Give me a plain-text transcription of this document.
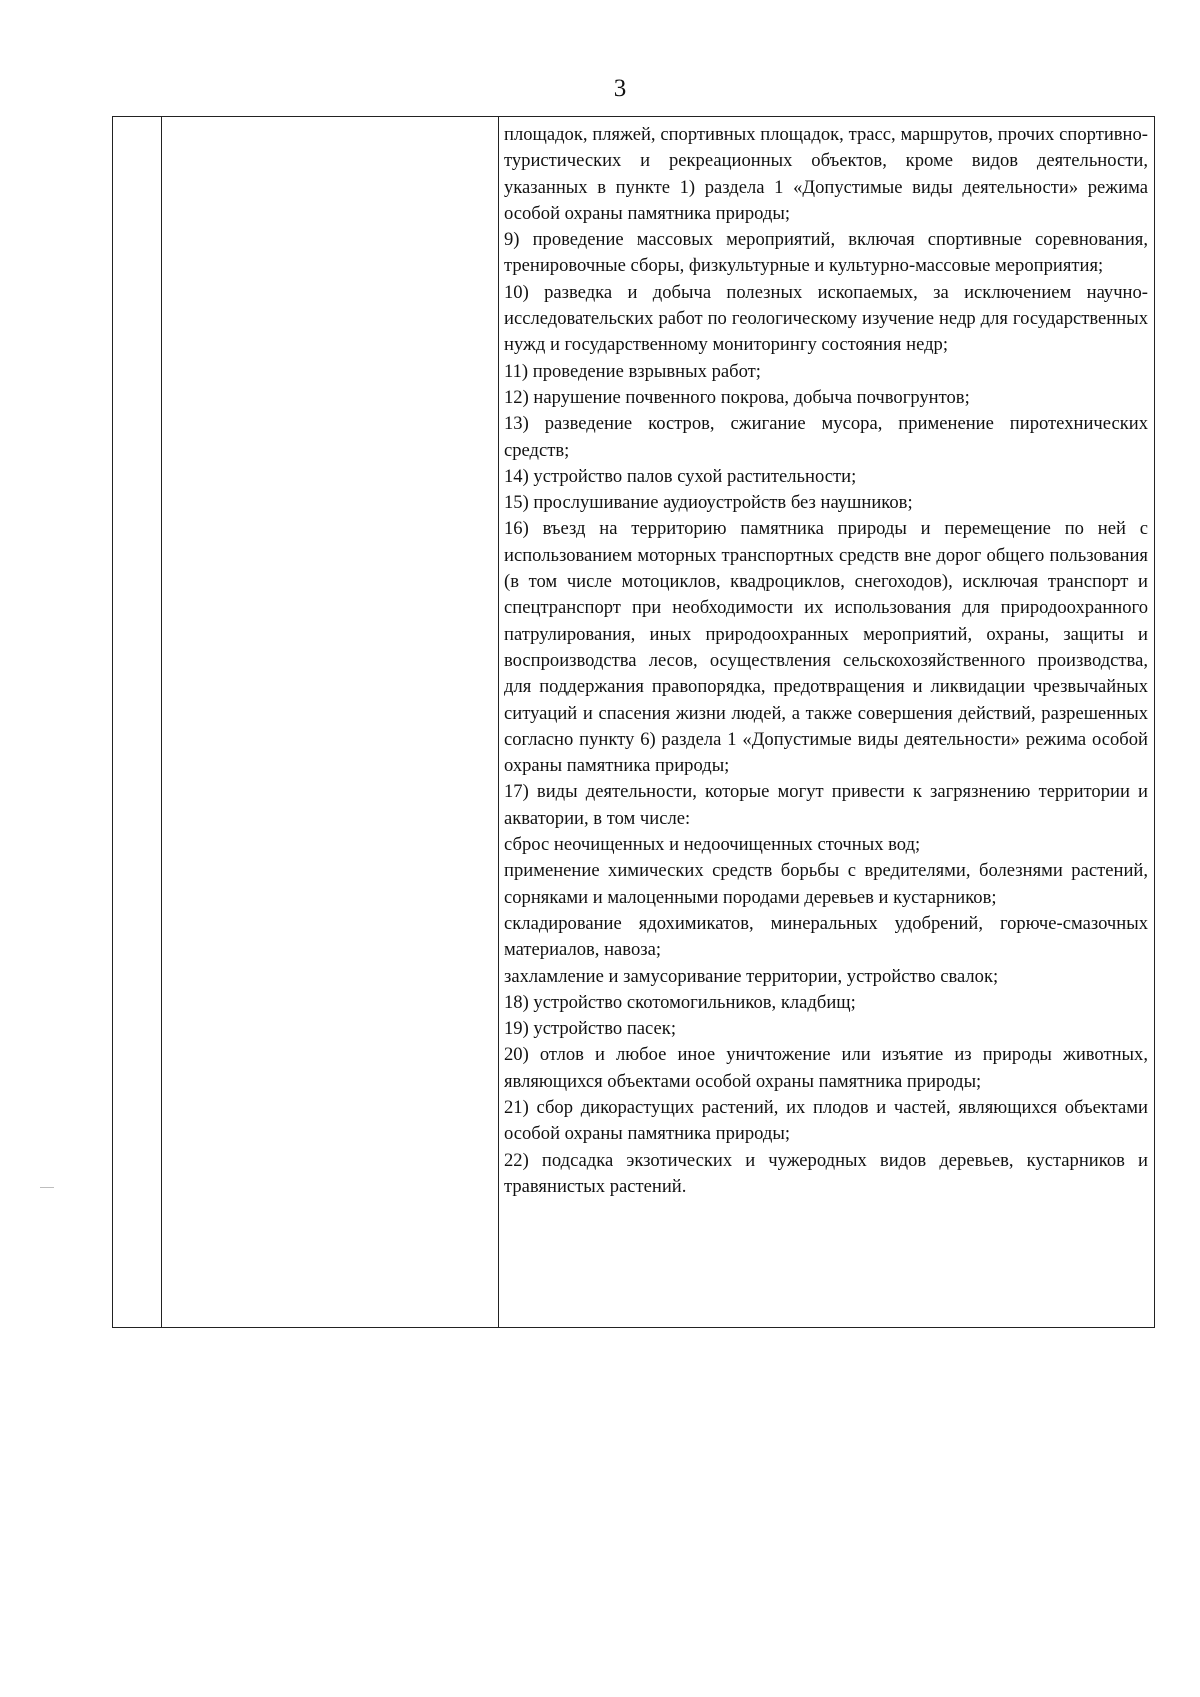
3

площадок, пляжей, спортивных площадок, трасс, маршрутов, прочих спортивно-туристических и рекреационных объектов, кроме видов деятельности, указанных в пункте 1) раздела 1 «Допустимые виды деятельности» режима особой охраны памятника природы;

9) проведение массовых мероприятий, включая спортивные соревнования, тренировочные сборы, физкультурные и культурно-массовые мероприятия;

10) разведка и добыча полезных ископаемых, за исключением научно-исследовательских работ по геологическому изучение недр для государственных нужд и государственному мониторингу состояния недр;

11) проведение взрывных работ;

12) нарушение почвенного покрова, добыча почвогрунтов;

13) разведение костров, сжигание мусора, применение пиротехнических средств;

14) устройство палов сухой растительности;

15) прослушивание аудиоустройств без наушников;

16) въезд на территорию памятника природы и перемещение по ней с использованием моторных транспортных средств вне дорог общего пользования (в том числе мотоциклов, квадроциклов, снегоходов), исключая транспорт и спецтранспорт при необходимости их использования для природоохранного патрулирования, иных природоохранных мероприятий, охраны, защиты и воспроизводства лесов, осуществления сельскохозяйственного производства, для поддержания правопорядка, предотвращения и ликвидации чрезвычайных ситуаций и спасения жизни людей, а также совершения действий, разрешенных согласно пункту 6) раздела 1 «Допустимые виды деятельности» режима особой охраны памятника природы;

17) виды деятельности, которые могут привести к загрязнению территории и акватории, в том числе:

сброс неочищенных и недоочищенных сточных вод;

применение химических средств борьбы с вредителями, болезнями растений, сорняками и малоценными породами деревьев и кустарников;

складирование ядохимикатов, минеральных удобрений, горюче-смазочных материалов, навоза;

захламление и замусоривание территории, устройство свалок;

18) устройство скотомогильников, кладбищ;

19) устройство пасек;

20) отлов и любое иное уничтожение или изъятие из природы животных, являющихся объектами особой охраны памятника природы;

21) сбор дикорастущих растений, их плодов и частей, являющихся объектами особой охраны памятника природы;

22) подсадка экзотических и чужеродных видов деревьев, кустарников и травянистых растений.
